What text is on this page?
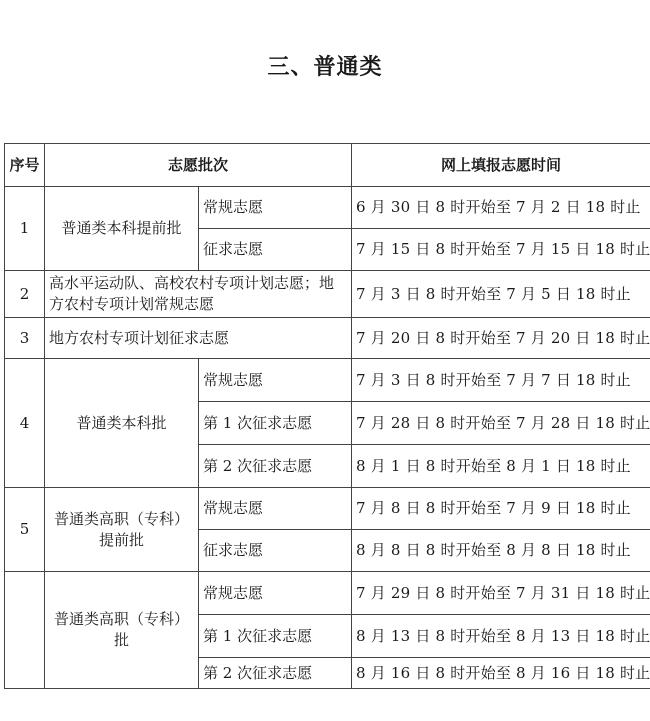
三、普通类
序号	志愿批次		网上填报志愿时间
1	普通类本科提前批	常规志愿	6 月 30 日 8 时开始至 7 月 2 日 18 时止
		征求志愿	7 月 15 日 8 时开始至 7 月 15 日 18 时止
2	高水平运动队、高校农村专项计划志愿；地方农村专项计划常规志愿		7 月 3 日 8 时开始至 7 月 5 日 18 时止
3	地方农村专项计划征求志愿		7 月 20 日 8 时开始至 7 月 20 日 18 时止
4	普通类本科批	常规志愿	7 月 3 日 8 时开始至 7 月 7 日 18 时止
		第 1 次征求志愿	7 月 28 日 8 时开始至 7 月 28 日 18 时止
		第 2 次征求志愿	8 月 1 日 8 时开始至 8 月 1 日 18 时止
5	普通类高职（专科）提前批	常规志愿	7 月 8 日 8 时开始至 7 月 9 日 18 时止
		征求志愿	8 月 8 日 8 时开始至 8 月 8 日 18 时止
	普通类高职（专科）批	常规志愿	7 月 29 日 8 时开始至 7 月 31 日 18 时止
		第 1 次征求志愿	8 月 13 日 8 时开始至 8 月 13 日 18 时止
		第 2 次征求志愿	8 月 16 日 8 时开始至 8 月 16 日 18 时止
